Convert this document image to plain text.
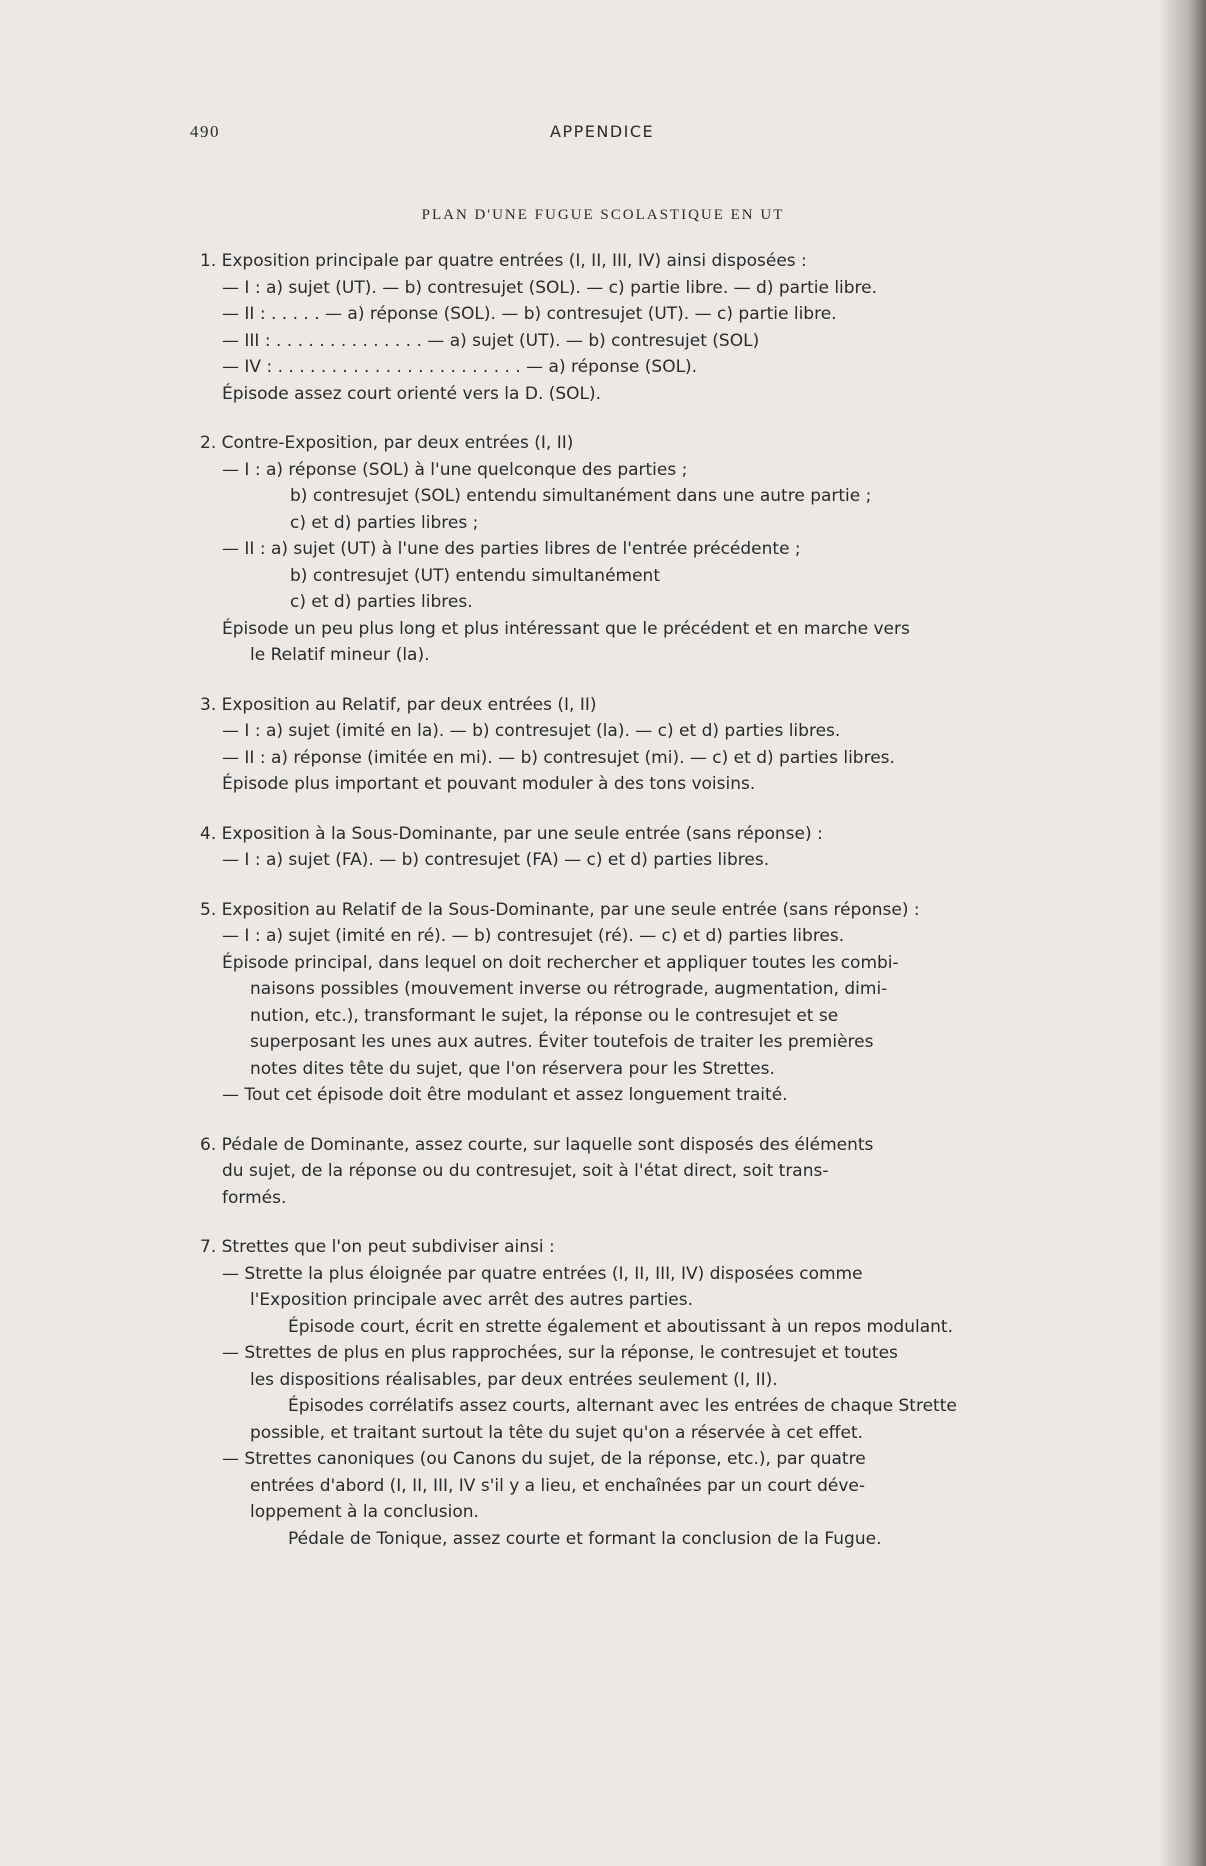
490	APPENDICE
PLAN D'UNE FUGUE SCOLASTIQUE EN UT
1. Exposition principale par quatre entrées (I, II, III, IV) ainsi disposées :
— I : a) sujet (UT). — b) contresujet (SOL). — c) partie libre. — d) partie libre.
— II : . . . . . — a) réponse (SOL). — b) contresujet (UT). — c) partie libre.
— III : . . . . . . . . . . . . . . — a) sujet (UT). — b) contresujet (SOL)
— IV : . . . . . . . . . . . . . . . . . . . . . . . — a) réponse (SOL).
Épisode assez court orienté vers la D. (SOL).
2. Contre-Exposition, par deux entrées (I, II)
— I : a) réponse (SOL) à l'une quelconque des parties ;
b) contresujet (SOL) entendu simultanément dans une autre partie ;
c) et d) parties libres ;
— II : a) sujet (UT) à l'une des parties libres de l'entrée précédente ;
b) contresujet (UT) entendu simultanément
c) et d) parties libres.
Épisode un peu plus long et plus intéressant que le précédent et en marche vers
le Relatif mineur (la).
3. Exposition au Relatif, par deux entrées (I, II)
— I : a) sujet (imité en la). — b) contresujet (la). — c) et d) parties libres.
— II : a) réponse (imitée en mi). — b) contresujet (mi). — c) et d) parties libres.
Épisode plus important et pouvant moduler à des tons voisins.
4. Exposition à la Sous-Dominante, par une seule entrée (sans réponse) :
— I : a) sujet (FA). — b) contresujet (FA) — c) et d) parties libres.
5. Exposition au Relatif de la Sous-Dominante, par une seule entrée (sans réponse) :
— I : a) sujet (imité en ré). — b) contresujet (ré). — c) et d) parties libres.
Épisode principal, dans lequel on doit rechercher et appliquer toutes les combi-
naisons possibles (mouvement inverse ou rétrograde, augmentation, dimi-
nution, etc.), transformant le sujet, la réponse ou le contresujet et se
superposant les unes aux autres. Éviter toutefois de traiter les premières
notes dites tête du sujet, que l'on réservera pour les Strettes.
— Tout cet épisode doit être modulant et assez longuement traité.
6. Pédale de Dominante, assez courte, sur laquelle sont disposés des éléments
du sujet, de la réponse ou du contresujet, soit à l'état direct, soit trans-
formés.
7. Strettes que l'on peut subdiviser ainsi :
— Strette la plus éloignée par quatre entrées (I, II, III, IV) disposées comme
l'Exposition principale avec arrêt des autres parties.
Épisode court, écrit en strette également et aboutissant à un repos modulant.
— Strettes de plus en plus rapprochées, sur la réponse, le contresujet et toutes
les dispositions réalisables, par deux entrées seulement (I, II).
Épisodes corrélatifs assez courts, alternant avec les entrées de chaque Strette
possible, et traitant surtout la tête du sujet qu'on a réservée à cet effet.
— Strettes canoniques (ou Canons du sujet, de la réponse, etc.), par quatre
entrées d'abord (I, II, III, IV s'il y a lieu, et enchaînées par un court déve-
loppement à la conclusion.
Pédale de Tonique, assez courte et formant la conclusion de la Fugue.
